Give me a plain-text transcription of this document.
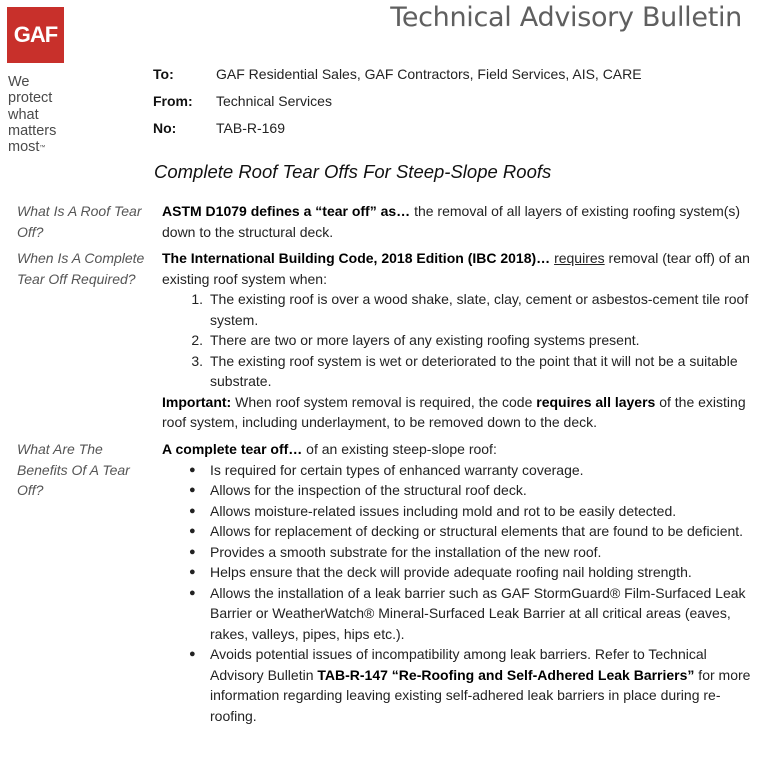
GAF
We
protect
what
matters
most™
Technical Advisory Bulletin
To:	GAF Residential Sales, GAF Contractors, Field Services, AIS, CARE
From:	Technical Services
No:	TAB-R-169
Complete Roof Tear Offs For Steep-Slope Roofs
What Is A Roof Tear Off?
ASTM D1079 defines a “tear off” as… the removal of all layers of existing roofing system(s) down to the structural deck.
When Is A Complete Tear Off Required?
The International Building Code, 2018 Edition (IBC 2018)… requires removal (tear off) of an existing roof system when:
1. The existing roof is over a wood shake, slate, clay, cement or asbestos-cement tile roof system.
2. There are two or more layers of any existing roofing systems present.
3. The existing roof system is wet or deteriorated to the point that it will not be a suitable substrate.
Important: When roof system removal is required, the code requires all layers of the existing roof system, including underlayment, to be removed down to the deck.
What Are The Benefits Of A Tear Off?
A complete tear off… of an existing steep-slope roof:
● Is required for certain types of enhanced warranty coverage.
● Allows for the inspection of the structural roof deck.
● Allows moisture-related issues including mold and rot to be easily detected.
● Allows for replacement of decking or structural elements that are found to be deficient.
● Provides a smooth substrate for the installation of the new roof.
● Helps ensure that the deck will provide adequate roofing nail holding strength.
● Allows the installation of a leak barrier such as GAF StormGuard® Film-Surfaced Leak Barrier or WeatherWatch® Mineral-Surfaced Leak Barrier at all critical areas (eaves, rakes, valleys, pipes, hips etc.).
● Avoids potential issues of incompatibility among leak barriers. Refer to Technical Advisory Bulletin TAB-R-147 “Re-Roofing and Self-Adhered Leak Barriers” for more information regarding leaving existing self-adhered leak barriers in place during re-roofing.
